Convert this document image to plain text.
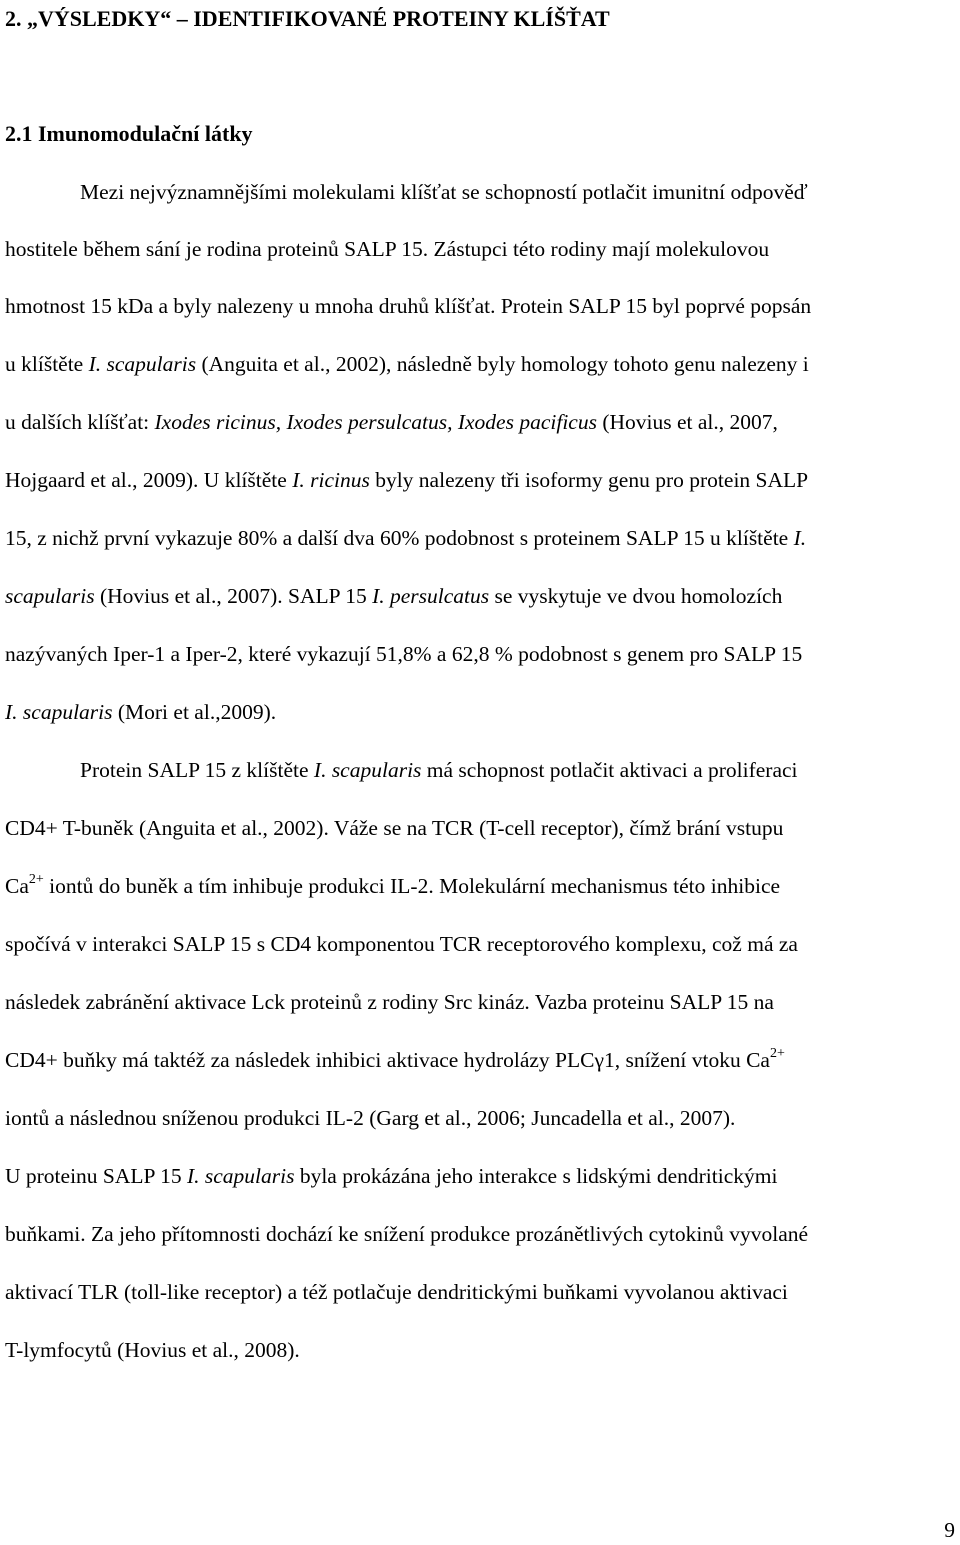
2. „VÝSLEDKY“ – IDENTIFIKOVANÉ PROTEINY KLÍŠŤAT
2.1 Imunomodulační látky
Mezi nejvýznamnějšími molekulami klíšťat se schopností potlačit imunitní odpověď
hostitele během sání je rodina proteinů SALP 15. Zástupci této rodiny mají molekulovou
hmotnost 15 kDa a byly nalezeny u mnoha druhů klíšťat. Protein SALP 15 byl poprvé popsán
u klíštěte I. scapularis (Anguita et al., 2002), následně byly homology tohoto genu nalezeny i
u dalších klíšťat: Ixodes ricinus, Ixodes persulcatus, Ixodes pacificus (Hovius et al., 2007,
Hojgaard et al., 2009). U klíštěte I. ricinus byly nalezeny tři isoformy genu pro protein SALP
15, z nichž první vykazuje 80% a další dva 60% podobnost s proteinem SALP 15 u klíštěte I.
scapularis (Hovius et al., 2007). SALP 15 I. persulcatus se vyskytuje ve dvou homolozích
nazývaných Iper-1 a Iper-2, které vykazují 51,8% a 62,8 % podobnost s genem pro SALP 15
I. scapularis (Mori et al.,2009).
Protein SALP 15 z klíštěte I. scapularis má schopnost potlačit aktivaci a proliferaci
CD4+ T-buněk (Anguita et al., 2002). Váže se na TCR (T-cell receptor), čímž brání vstupu
$Ca^{2+}$ iontů do buněk a tím inhibuje produkci IL-2. Molekulární mechanismus této inhibice
spočívá v interakci SALP 15 s CD4 komponentou TCR receptorového komplexu, což má za
následek zabránění aktivace Lck proteinů z rodiny Src kináz. Vazba proteinu SALP 15 na
CD4+ buňky má taktéž za následek inhibici aktivace hydrolázy PLCγ1, snížení vtoku $Ca^{2+}$
iontů a následnou sníženou produkci IL-2 (Garg et al., 2006; Juncadella et al., 2007).
U proteinu SALP 15 I. scapularis byla prokázána jeho interakce s lidskými dendritickými
buňkami. Za jeho přítomnosti dochází ke snížení produkce prozánětlivých cytokinů vyvolané
aktivací TLR (toll-like receptor) a též potlačuje dendritickými buňkami vyvolanou aktivaci
T-lymfocytů (Hovius et al., 2008).
9
